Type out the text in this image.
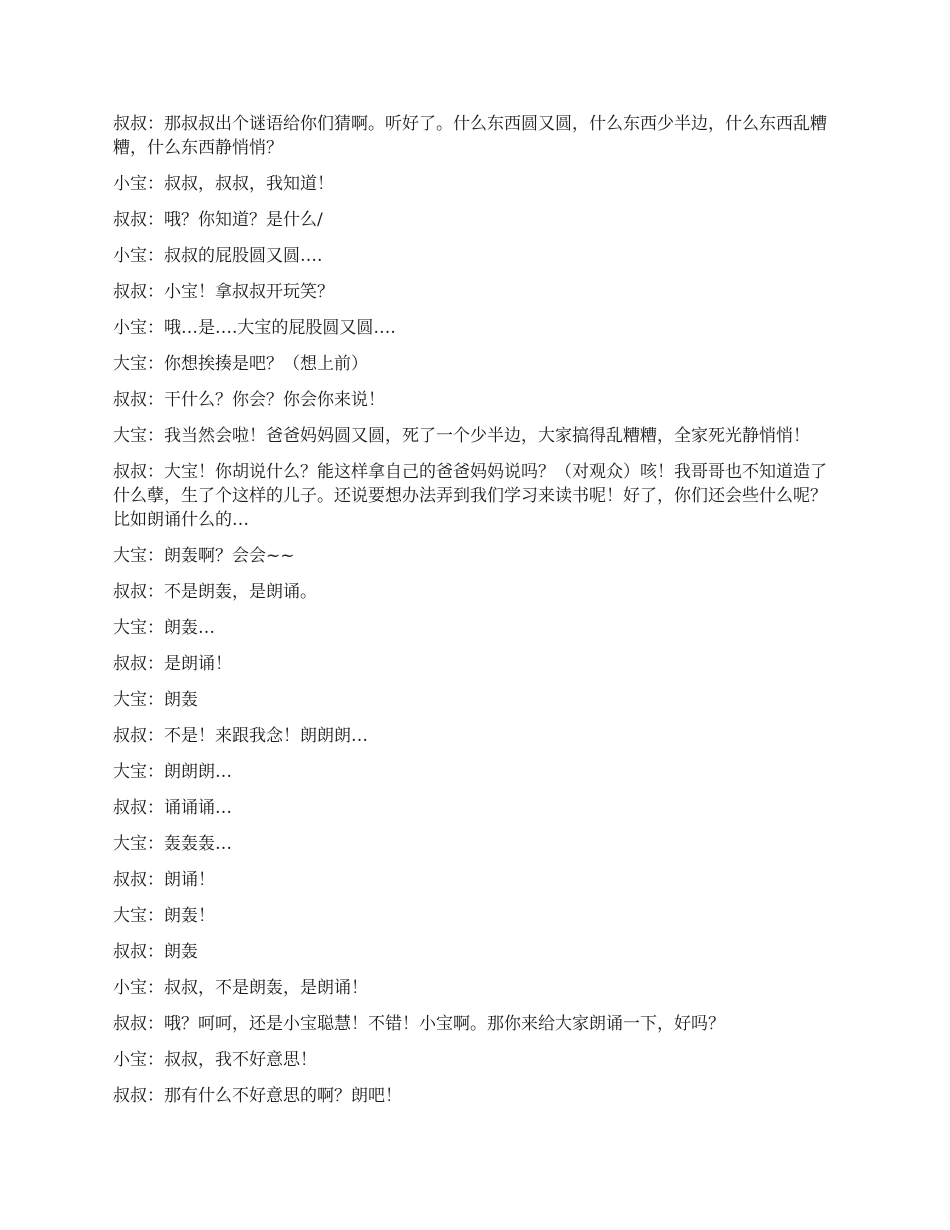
叔叔：那叔叔出个谜语给你们猜啊。听好了。什么东西圆又圆，什么东西少半边，什么东西乱糟糟，什么东西静悄悄？

小宝：叔叔，叔叔，我知道！

叔叔：哦？你知道？是什么/

小宝：叔叔的屁股圆又圆….

叔叔：小宝！拿叔叔开玩笑？

小宝：哦…是….大宝的屁股圆又圆….

大宝：你想挨揍是吧？（想上前）

叔叔：干什么？你会？你会你来说！

大宝：我当然会啦！爸爸妈妈圆又圆，死了一个少半边，大家搞得乱糟糟，全家死光静悄悄！

叔叔：大宝！你胡说什么？能这样拿自己的爸爸妈妈说吗？（对观众）咳！我哥哥也不知道造了什么孽，生了个这样的儿子。还说要想办法弄到我们学习来读书呢！好了，你们还会些什么呢？比如朗诵什么的…

大宝：朗轰啊？会会~~

叔叔：不是朗轰，是朗诵。

大宝：朗轰…

叔叔：是朗诵！

大宝：朗轰

叔叔：不是！来跟我念！朗朗朗…

大宝：朗朗朗…

叔叔：诵诵诵…

大宝：轰轰轰…

叔叔：朗诵！

大宝：朗轰！

叔叔：朗轰

小宝：叔叔，不是朗轰，是朗诵！

叔叔：哦？呵呵，还是小宝聪慧！不错！小宝啊。那你来给大家朗诵一下，好吗？

小宝：叔叔，我不好意思！

叔叔：那有什么不好意思的啊？朗吧！
